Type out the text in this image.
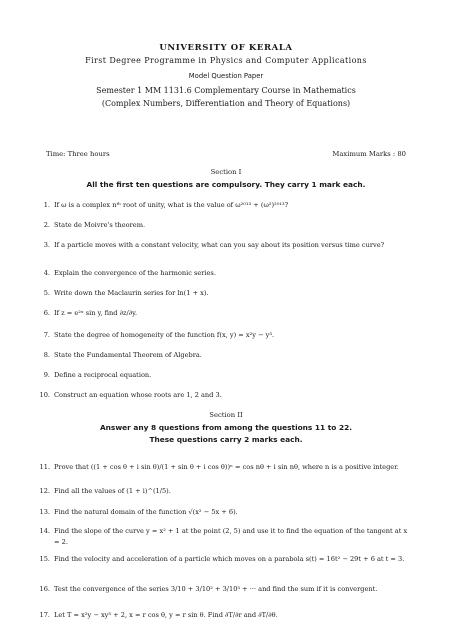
UNIVERSITY OF KERALA
First Degree Programme in Physics and Computer Applications
Model Question Paper
Semester 1 MM 1131.6 Complementary Course in Mathematics
(Complex Numbers, Differentiation and Theory of Equations)
Time: Three hours	Maximum Marks : 80
Section I
All the first ten questions are compulsory. They carry 1 mark each.
1. If ω is a complex nᵗʰ root of unity, what is the value of ω²⁰¹³ + (ω²)²⁰¹³?
2. State de Moivre's theorem.
3. If a particle moves with a constant velocity, what can you say about its position versus time curve?
4. Explain the convergence of the harmonic series.
5. Write down the Maclaurin series for ln(1 + x).
6. If z = e²ˣ sin y, find ∂z/∂y.
7. State the degree of homogeneity of the function f(x, y) = x²y − y³.
8. State the Fundamental Theorem of Algebra.
9. Define a reciprocal equation.
10. Construct an equation whose roots are 1, 2 and 3.
Section II
Answer any 8 questions from among the questions 11 to 22.
These questions carry 2 marks each.
11. Prove that ((1 + cos θ + i sin θ)/(1 + sin θ + i cos θ))ⁿ = cos nθ + i sin nθ, where n is a positive integer.
12. Find all the values of (1 + i)^(1/5).
13. Find the natural domain of the function √(x² − 5x + 6).
14. Find the slope of the curve y = x² + 1 at the point (2, 5) and use it to find the equation of the tangent at x = 2.
15. Find the velocity and acceleration of a particle which moves on a parabola s(t) = 16t² − 29t + 6 at t = 3.
16. Test the convergence of the series 3/10 + 3/10² + 3/10³ + ··· and find the sum if it is convergent.
17. Let T = x²y − xy³ + 2, x = r cos θ, y = r sin θ. Find ∂T/∂r and ∂T/∂θ.
